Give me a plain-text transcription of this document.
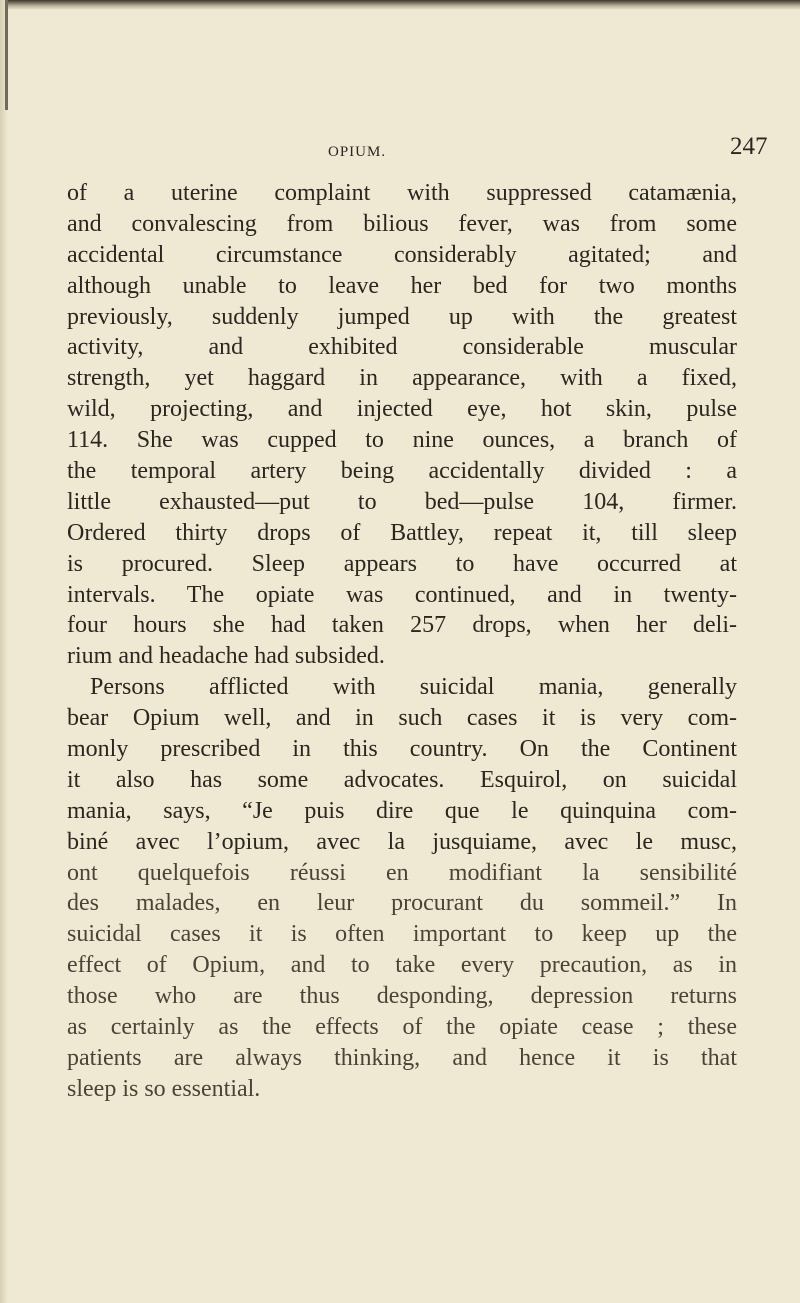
OPIUM.	247
of a uterine complaint with suppressed catamænia,
and convalescing from bilious fever, was from some
accidental circumstance considerably agitated; and
although unable to leave her bed for two months
previously, suddenly jumped up with the greatest
activity, and exhibited considerable muscular
strength, yet haggard in appearance, with a fixed,
wild, projecting, and injected eye, hot skin, pulse
114. She was cupped to nine ounces, a branch of
the temporal artery being accidentally divided : a
little exhausted—put to bed—pulse 104, firmer.
Ordered thirty drops of Battley, repeat it, till sleep
is procured. Sleep appears to have occurred at
intervals. The opiate was continued, and in twenty-
four hours she had taken 257 drops, when her deli-
rium and headache had subsided.
Persons afflicted with suicidal mania, generally
bear Opium well, and in such cases it is very com-
monly prescribed in this country. On the Continent
it also has some advocates. Esquirol, on suicidal
mania, says, “Je puis dire que le quinquina com-
biné avec l’opium, avec la jusquiame, avec le musc,
ont quelquefois réussi en modifiant la sensibilité
des malades, en leur procurant du sommeil.” In
suicidal cases it is often important to keep up the
effect of Opium, and to take every precaution, as in
those who are thus desponding, depression returns
as certainly as the effects of the opiate cease ; these
patients are always thinking, and hence it is that
sleep is so essential.
